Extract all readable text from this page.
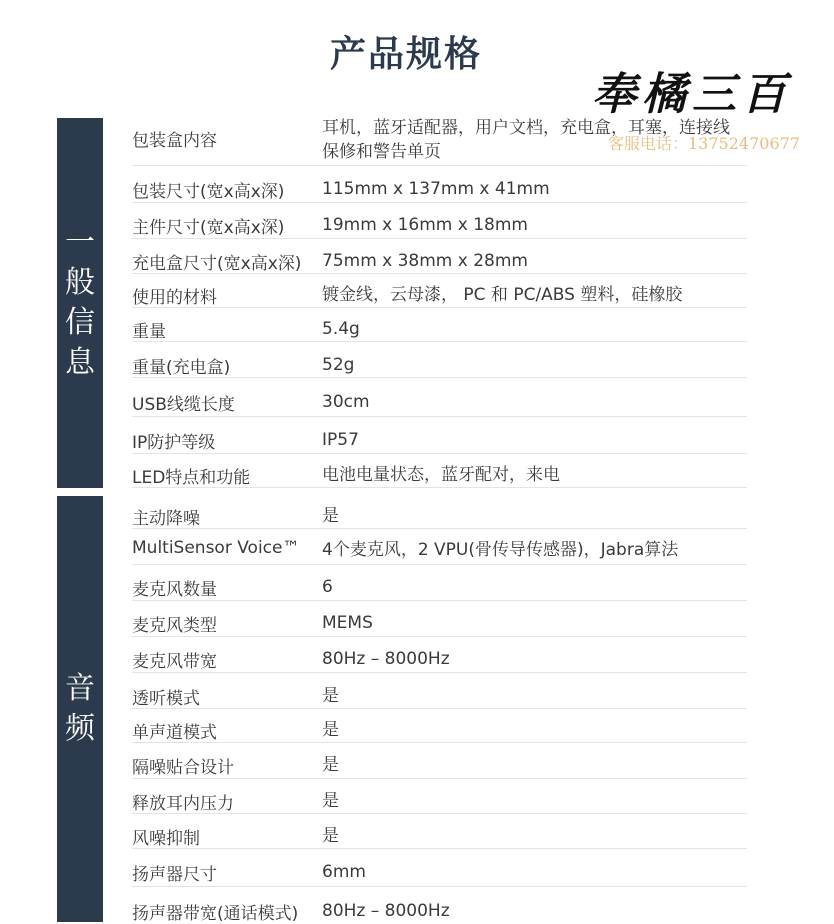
产品规格
一
般
信
息
包装盒内容
耳机，蓝牙适配器，用户文档，充电盒，耳塞，连接线
保修和警告单页
包装尺寸(宽x高x深) 115mm x 137mm x 41mm
主件尺寸(宽x高x深) 19mm x 16mm x 18mm
充电盒尺寸(宽x高x深) 75mm x 38mm x 28mm
使用的材料	镀金线，云母漆， PC 和 PC/ABS 塑料，硅橡胶
重量	5.4g
重量(充电盒)	52g
USB线缆长度	30cm
IP防护等级	IP57
LED特点和功能	电池电量状态，蓝牙配对，来电
音
频
主动降噪	是
MultiSensor Voice™ 4个麦克风，2 VPU(骨传导传感器)，Jabra算法
麦克风数量	6
麦克风类型	MEMS
麦克风带宽	80Hz – 8000Hz
透听模式	是
单声道模式	是
隔噪贴合设计	是
释放耳内压力	是
风噪抑制	是
扬声器尺寸	6mm
扬声器带宽(通话模式) 80Hz – 8000Hz
奉橘三百
客服电话：13752470677
